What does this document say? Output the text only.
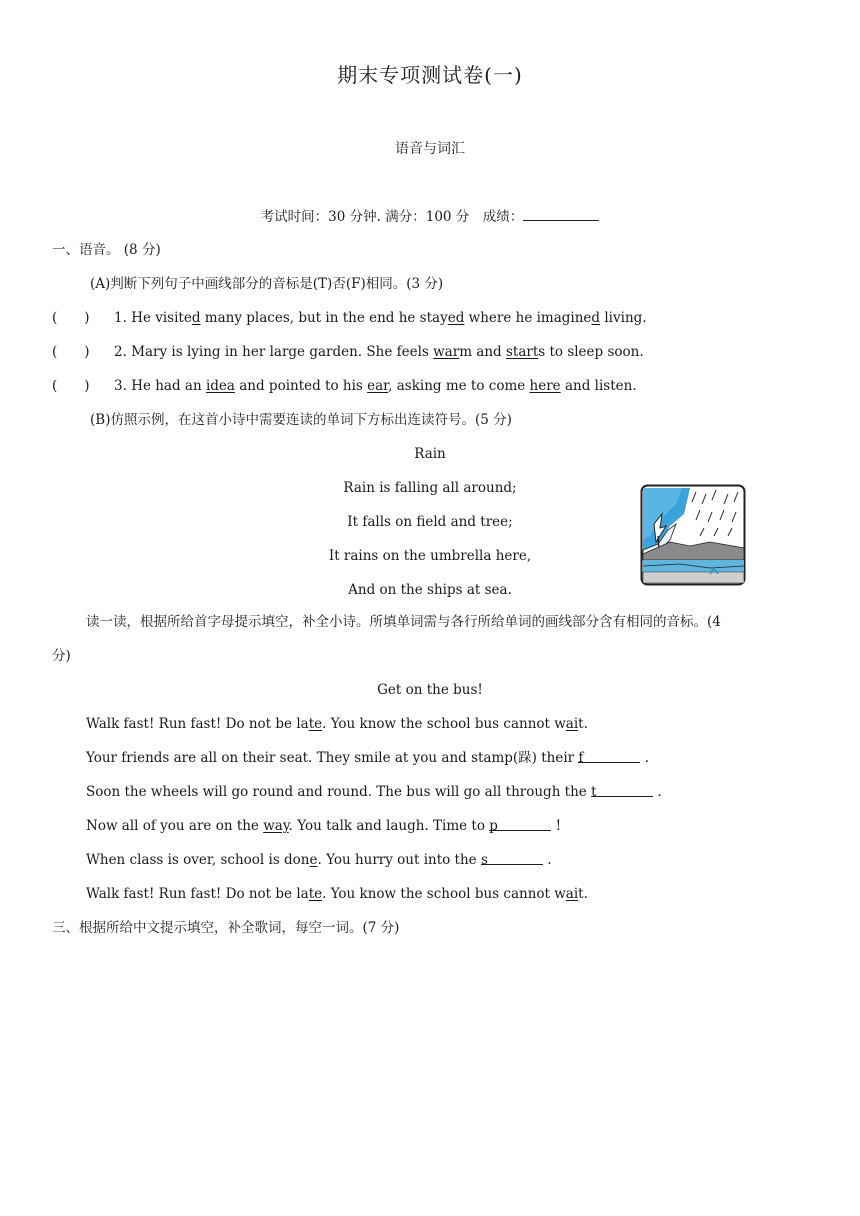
期末专项测试卷(一)
语音与词汇
考试时间：30 分钟. 满分：100 分　成绩：
一、语音。 (8 分)
(A)判断下列句子中画线部分的音标是(T)否(F)相同。(3 分)
(　　) 1. He visited many places, but in the end he stayed where he imagined living.
(　　) 2. Mary is lying in her large garden. She feels warm and starts to sleep soon.
(　　) 3. He had an idea and pointed to his ear, asking me to come here and listen.
(B)仿照示例，在这首小诗中需要连读的单词下方标出连读符号。(5 分)
Rain
Rain is falling all around;
It falls on field and tree;
It rains on the umbrella here,
And on the ships at sea.
读一读，根据所给首字母提示填空，补全小诗。所填单词需与各行所给单词的画线部分含有相同的音标。(4
分)
Get on the bus!
Walk fast! Run fast! Do not be late. You know the school bus cannot wait.
Your friends are all on their seat. They smile at you and stamp(跺) their f	.
Soon the wheels will go round and round. The bus will go all through the t	.
Now all of you are on the way. You talk and laugh. Time to p	!
When class is over, school is done. You hurry out into the s	.
Walk fast! Run fast! Do not be late. You know the school bus cannot wait.
三、根据所给中文提示填空，补全歌词，每空一词。(7 分)
